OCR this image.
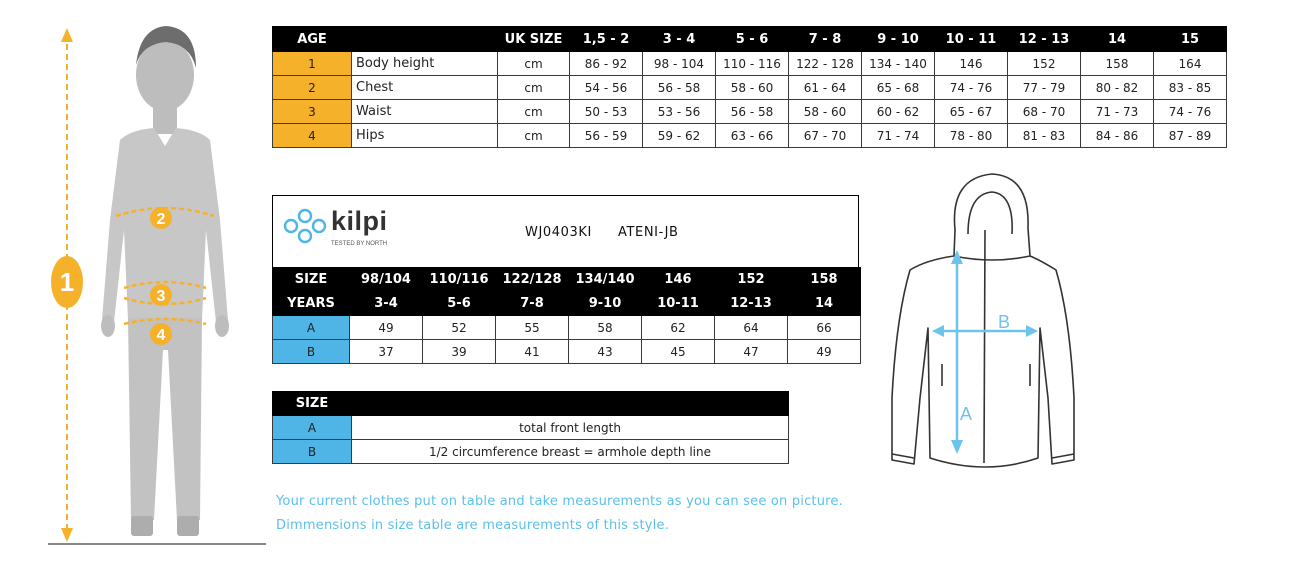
1
2
3
4
AGE		UK SIZE	1,5 - 2	3 - 4	5 - 6	7 - 8	9 - 10	10 - 11	12 - 13	14	15
1	Body height	cm	86 - 92	98 - 104	110 - 116	122 - 128	134 - 140	146	152	158	164
2	Chest	cm	54 - 56	56 - 58	58 - 60	61 - 64	65 - 68	74 - 76	77 - 79	80 - 82	83 - 85
3	Waist	cm	50 - 53	53 - 56	56 - 58	58 - 60	60 - 62	65 - 67	68 - 70	71 - 73	74 - 76
4	Hips	cm	56 - 59	59 - 62	63 - 66	67 - 70	71 - 74	78 - 80	81 - 83	84 - 86	87 - 89
kilpi
TESTED BY NORTH
WJ0403KI ATENI-JB
SIZE	98/104	110/116	122/128	134/140	146	152	158
YEARS	3-4	5-6	7-8	9-10	10-11	12-13	14
A	49	52	55	58	62	64	66
B	37	39	41	43	45	47	49
SIZE	
A	total front length
B	1/2 circumference breast = armhole depth line
Your current clothes put on table and take measurements as you can see on picture.
Dimmensions in size table are measurements of this style.
A
B
